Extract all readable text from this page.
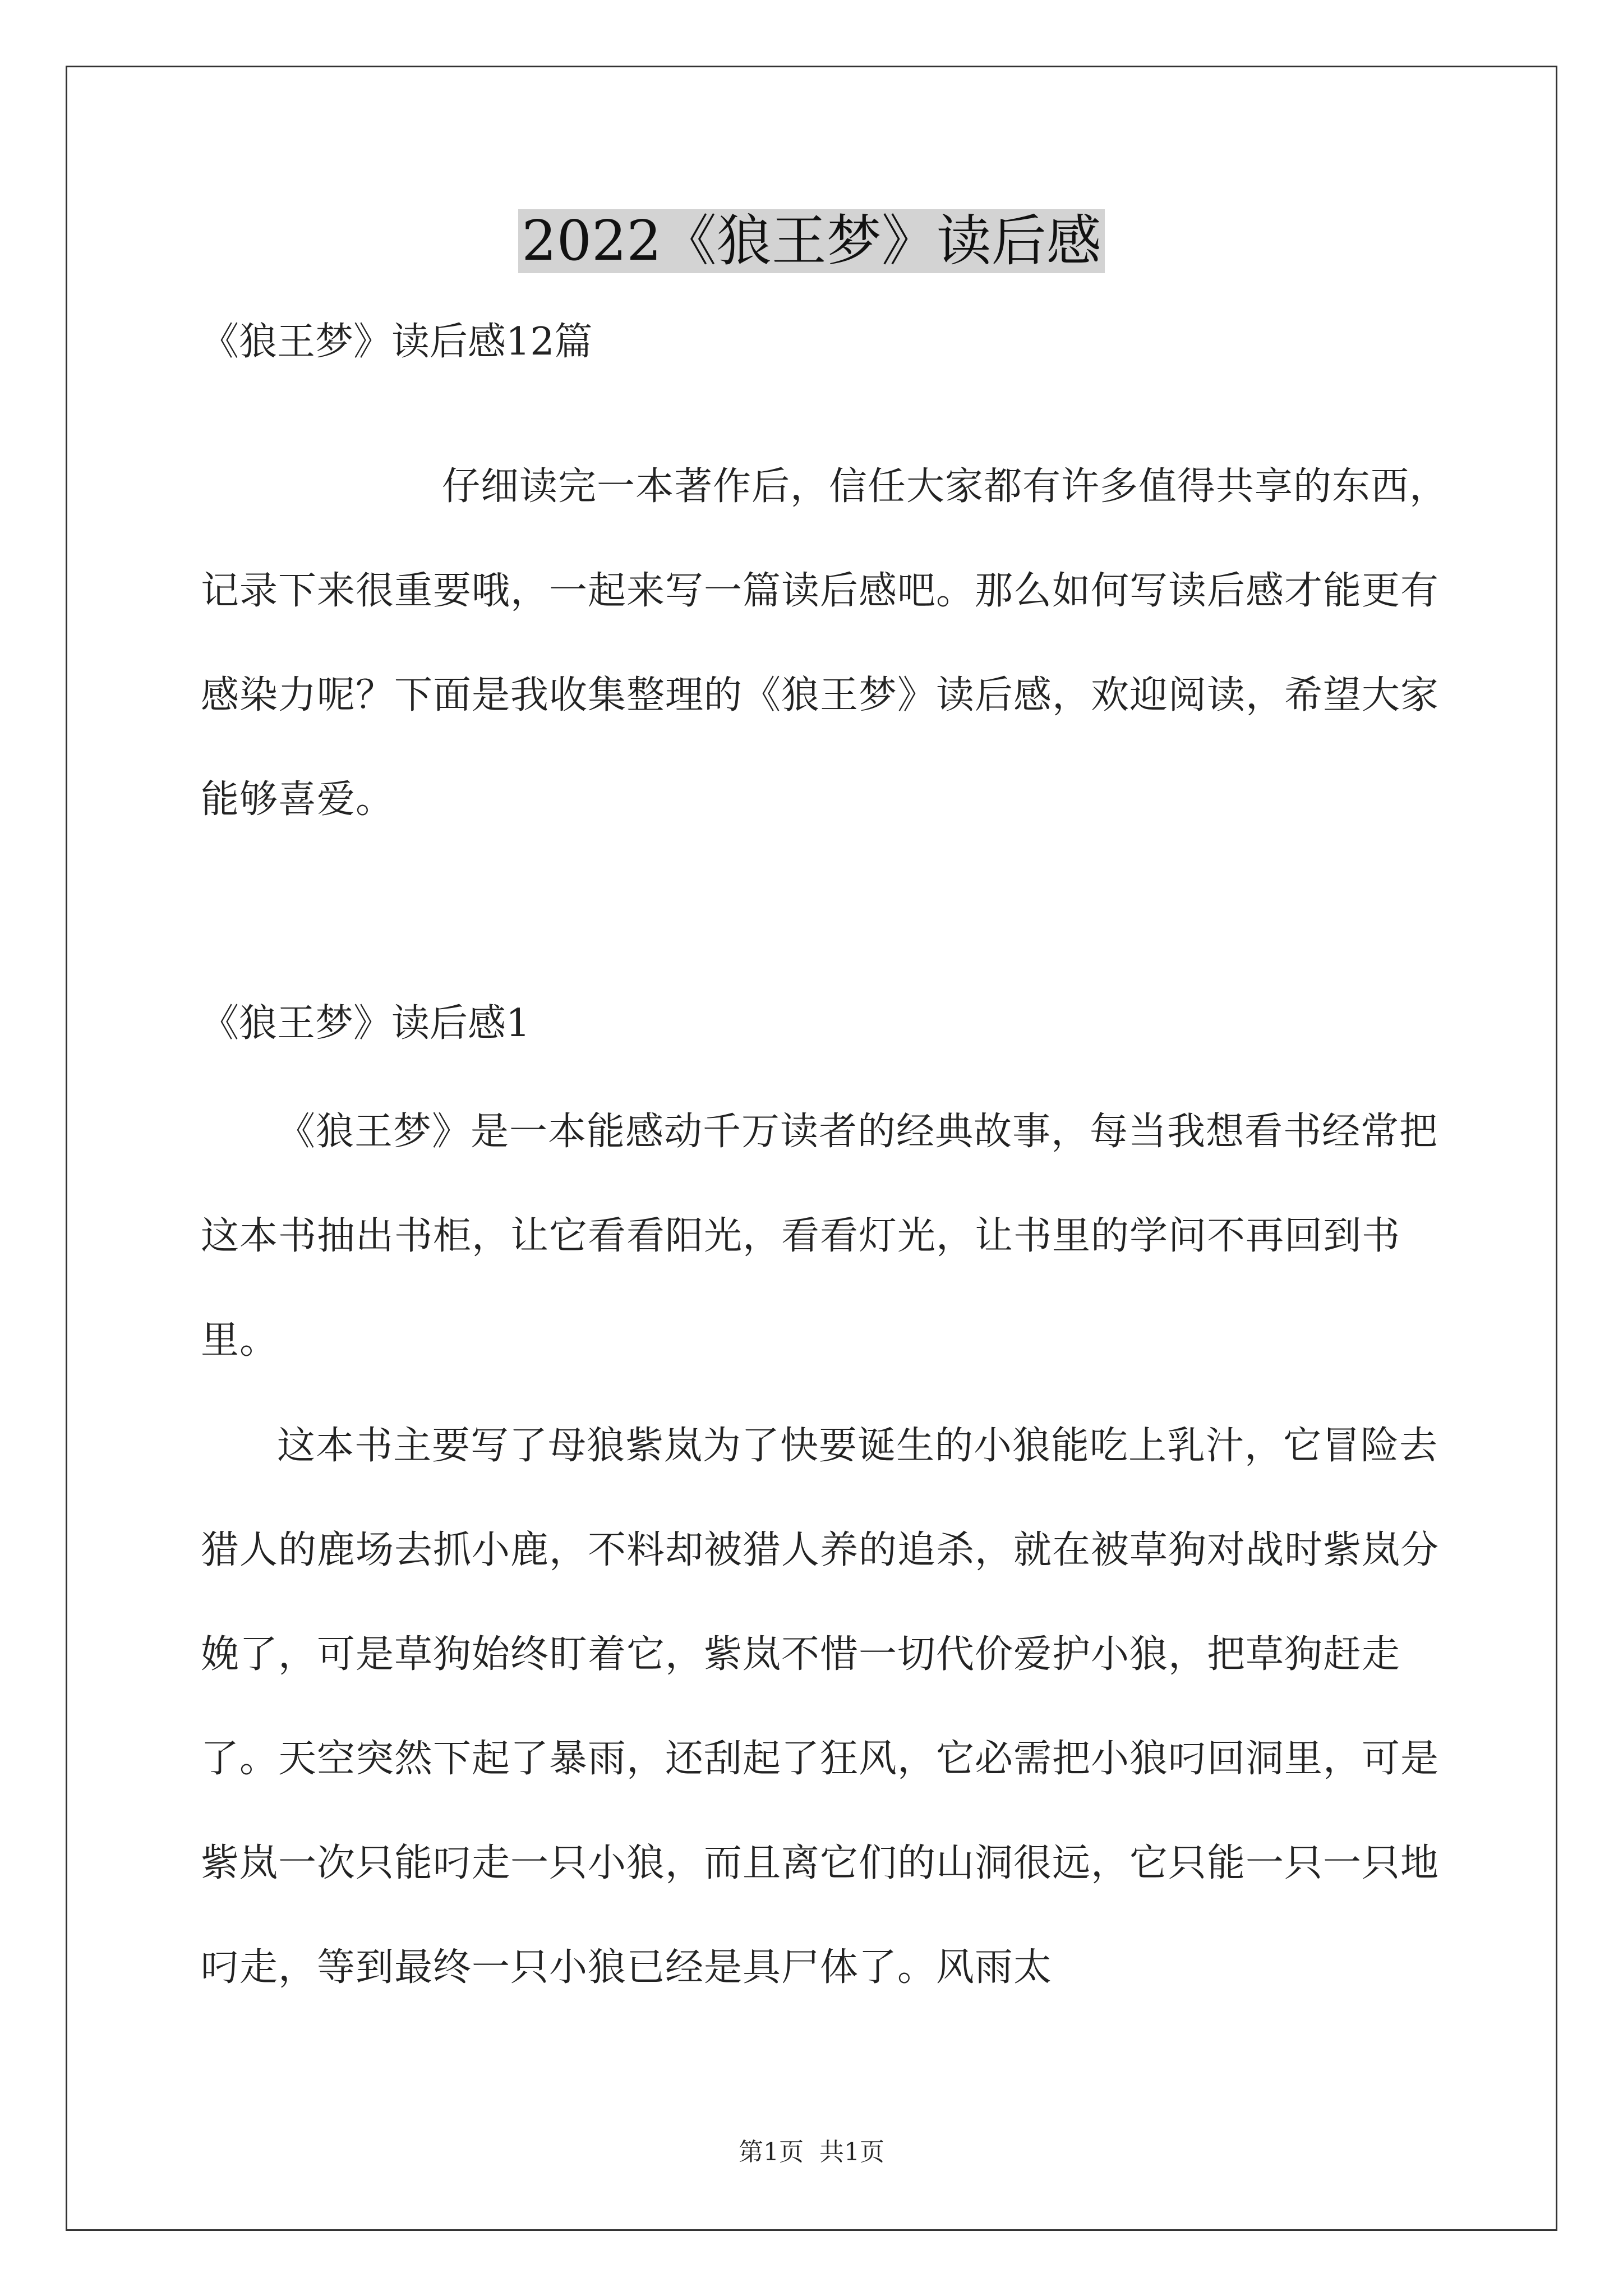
2022《狼王梦》读后感

《狼王梦》读后感12篇

仔细读完一本著作后，信任大家都有许多值得共享的东西，记录下来很重要哦，一起来写一篇读后感吧。那么如何写读后感才能更有感染力呢？下面是我收集整理的《狼王梦》读后感，欢迎阅读，希望大家能够喜爱。

《狼王梦》读后感1

《狼王梦》是一本能感动千万读者的经典故事，每当我想看书经常把这本书抽出书柜，让它看看阳光，看看灯光，让书里的学问不再回到书里。

这本书主要写了母狼紫岚为了快要诞生的小狼能吃上乳汁，它冒险去猎人的鹿场去抓小鹿，不料却被猎人养的追杀，就在被草狗对战时紫岚分娩了，可是草狗始终盯着它，紫岚不惜一切代价爱护小狼，把草狗赶走了。天空突然下起了暴雨，还刮起了狂风，它必需把小狼叼回洞里，可是紫岚一次只能叼走一只小狼，而且离它们的山洞很远，它只能一只一只地叼走，等到最终一只小狼已经是具尸体了。风雨太

第1页 共1页
